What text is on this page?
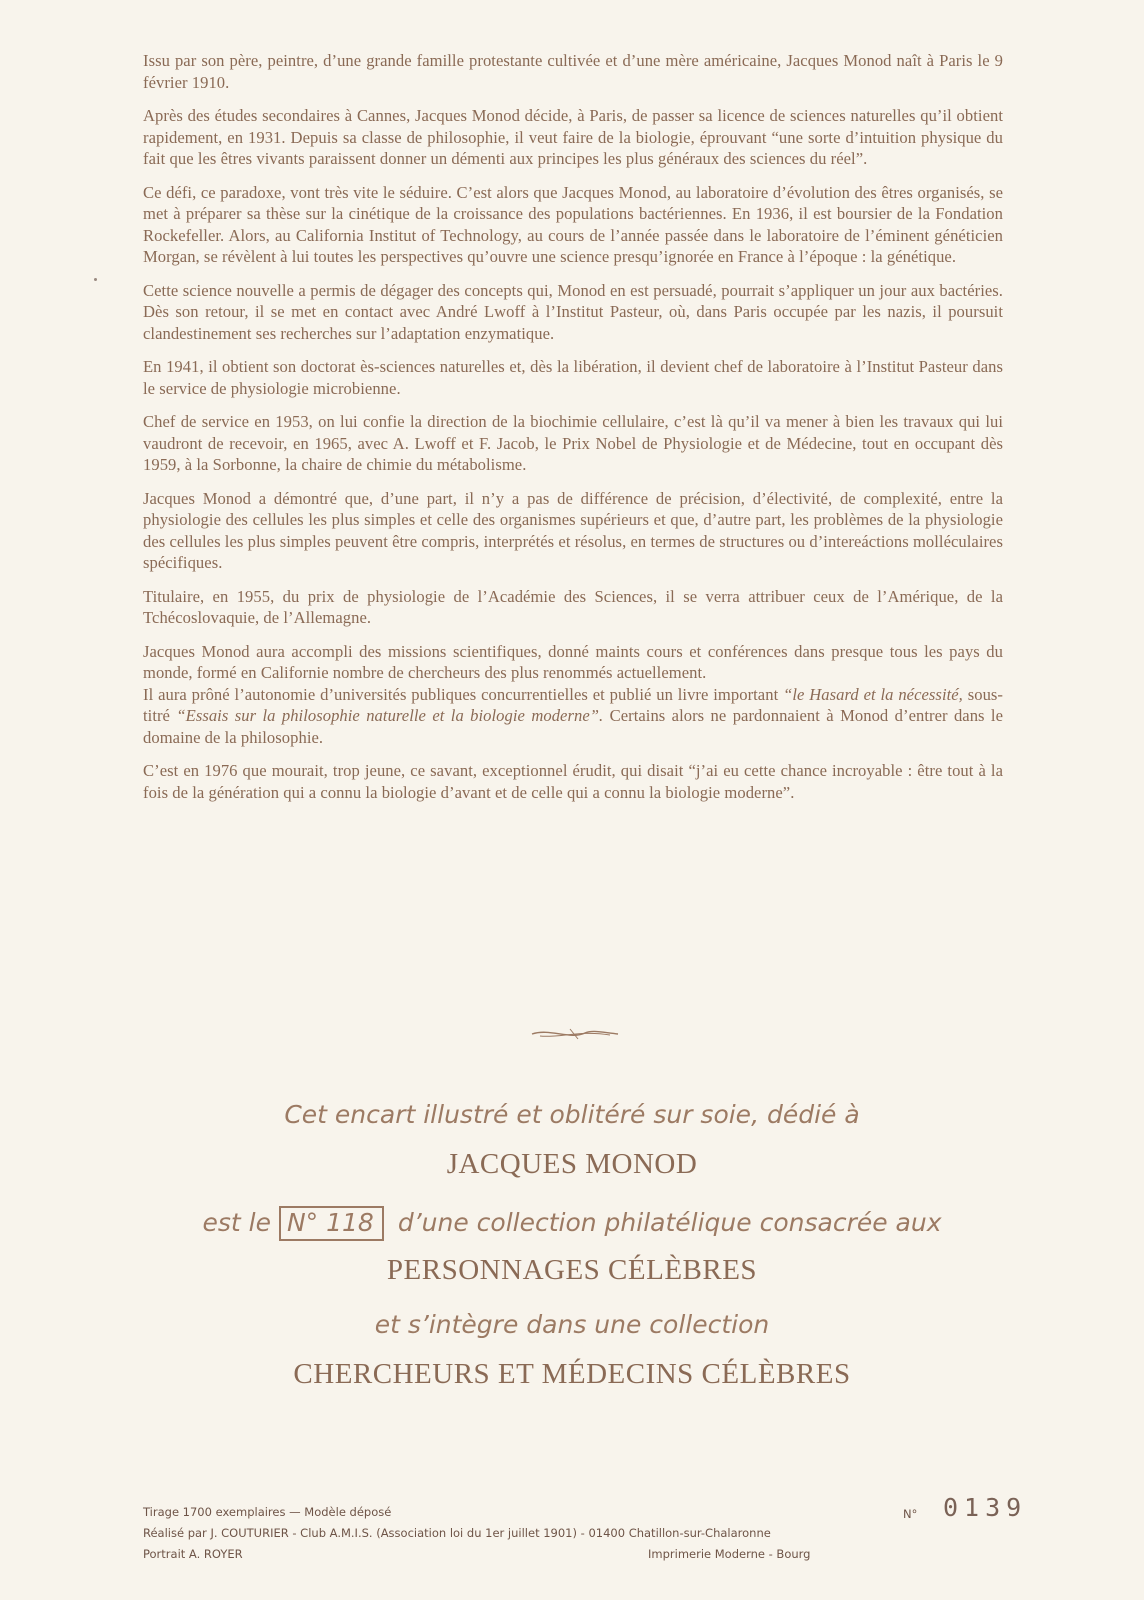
Issu par son père, peintre, d’une grande famille protestante cultivée et d’une mère américaine, Jacques Monod naît à Paris le 9 février 1910.

Après des études secondaires à Cannes, Jacques Monod décide, à Paris, de passer sa licence de sciences naturelles qu’il obtient rapidement, en 1931. Depuis sa classe de philosophie, il veut faire de la biologie, éprouvant “une sorte d’intuition physique du fait que les êtres vivants paraissent donner un démenti aux principes les plus généraux des sciences du réel”.

Ce défi, ce paradoxe, vont très vite le séduire. C’est alors que Jacques Monod, au laboratoire d’évolution des êtres organisés, se met à préparer sa thèse sur la cinétique de la croissance des populations bactériennes. En 1936, il est boursier de la Fondation Rockefeller. Alors, au California Institut of Technology, au cours de l’année passée dans le laboratoire de l’éminent généticien Morgan, se révèlent à lui toutes les perspectives qu’ouvre une science presqu’ignorée en France à l’époque : la génétique.

Cette science nouvelle a permis de dégager des concepts qui, Monod en est persuadé, pourrait s’appliquer un jour aux bactéries. Dès son retour, il se met en contact avec André Lwoff à l’Institut Pasteur, où, dans Paris occupée par les nazis, il poursuit clandestinement ses recherches sur l’adaptation enzymatique.

En 1941, il obtient son doctorat ès-sciences naturelles et, dès la libération, il devient chef de laboratoire à l’Institut Pasteur dans le service de physiologie microbienne.

Chef de service en 1953, on lui confie la direction de la biochimie cellulaire, c’est là qu’il va mener à bien les travaux qui lui vaudront de recevoir, en 1965, avec A. Lwoff et F. Jacob, le Prix Nobel de Physiologie et de Médecine, tout en occupant dès 1959, à la Sorbonne, la chaire de chimie du métabolisme.

Jacques Monod a démontré que, d’une part, il n’y a pas de différence de précision, d’électivité, de complexité, entre la physiologie des cellules les plus simples et celle des organismes supérieurs et que, d’autre part, les problèmes de la physiologie des cellules les plus simples peuvent être compris, interprétés et résolus, en termes de structures ou d’intereáctions molléculaires spécifiques.

Titulaire, en 1955, du prix de physiologie de l’Académie des Sciences, il se verra attribuer ceux de l’Amérique, de la Tchécoslovaquie, de l’Allemagne.

Jacques Monod aura accompli des missions scientifiques, donné maints cours et conférences dans presque tous les pays du monde, formé en Californie nombre de chercheurs des plus renommés actuellement.

Il aura prôné l’autonomie d’universités publiques concurrentielles et publié un livre important “le Hasard et la nécessité, sous-titré “Essais sur la philosophie naturelle et la biologie moderne”. Certains alors ne pardonnaient à Monod d’entrer dans le domaine de la philosophie.

C’est en 1976 que mourait, trop jeune, ce savant, exceptionnel érudit, qui disait “j’ai eu cette chance incroyable : être tout à la fois de la génération qui a connu la biologie d’avant et de celle qui a connu la biologie moderne”.

Cet encart illustré et oblitéré sur soie, dédié à
JACQUES MONOD
est le N° 118 d’une collection philatélique consacrée aux
PERSONNAGES CÉLÈBRES
et s’intègre dans une collection
CHERCHEURS ET MÉDECINS CÉLÈBRES
Tirage 1700 exemplaires — Modèle déposé	N° 0139
Réalisé par J. COUTURIER - Club A.M.I.S. (Association loi du 1er juillet 1901) - 01400 Chatillon-sur-Chalaronne
Portrait A. ROYER	Imprimerie Moderne - Bourg
